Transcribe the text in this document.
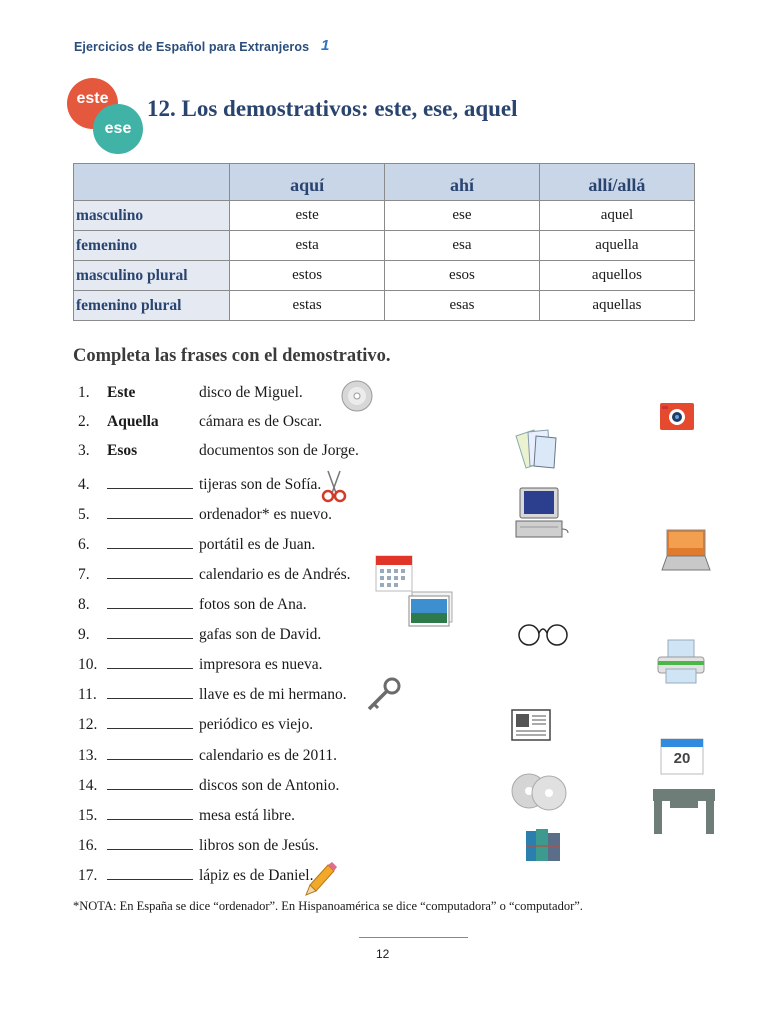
Ejercicios de Español para Extranjeros 1
este
ese
12. Los demostrativos: este, ese, aquel
	aquí	ahí	allí/allá
masculino	este	ese	aquel
femenino	esta	esa	aquella
masculino plural	estos	esos	aquellos
femenino plural	estas	esas	aquellas
Completa las frases con el demostrativo.
1.	Este	disco de Miguel.
2.	Aquella	cámara es de Oscar.
3.	Esos	documentos son de Jorge.
4.	tijeras son de Sofía.
5.	ordenador* es nuevo.
6.	portátil es de Juan.
7.	calendario es de Andrés.
8.	fotos son de Ana.
9.	gafas son de David.
10.	impresora es nueva.
11.	llave es de mi hermano.
12.	periódico es viejo.
13.	calendario es de 2011.
14.	discos son de Antonio.
15.	mesa está libre.
16.	libros son de Jesús.
17.	lápiz es de Daniel.
20
*NOTA: En España se dice “ordenador”. En Hispanoamérica se dice “computadora” o “computador”.
12
